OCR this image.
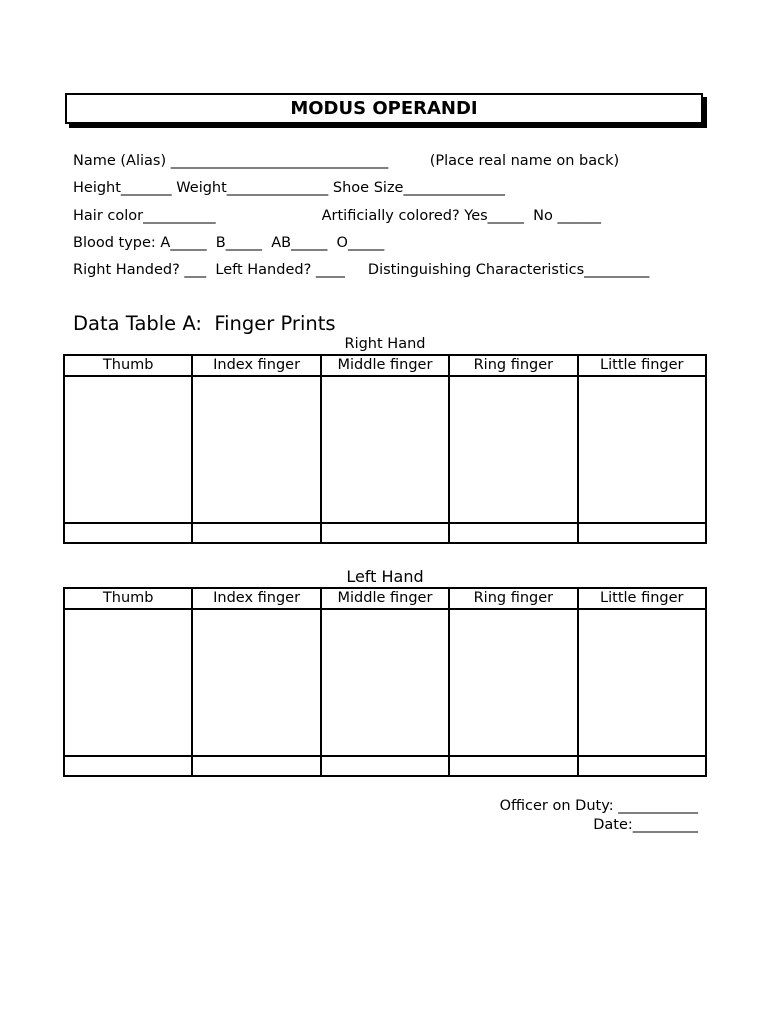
MODUS OPERANDI
Name (Alias) ______________________________         (Place real name on back)
Height_______ Weight______________ Shoe Size______________
Hair color__________                       Artificially colored? Yes_____  No ______
Blood type: A_____  B_____  AB_____  O_____
Right Handed? ___  Left Handed? ____     Distinguishing Characteristics_________
Data Table A:  Finger Prints
Right Hand
Thumb	Index finger	Middle finger	Ring finger	Little finger

Left Hand
Thumb	Index finger	Middle finger	Ring finger	Little finger

Officer on Duty: ___________
Date:_________
